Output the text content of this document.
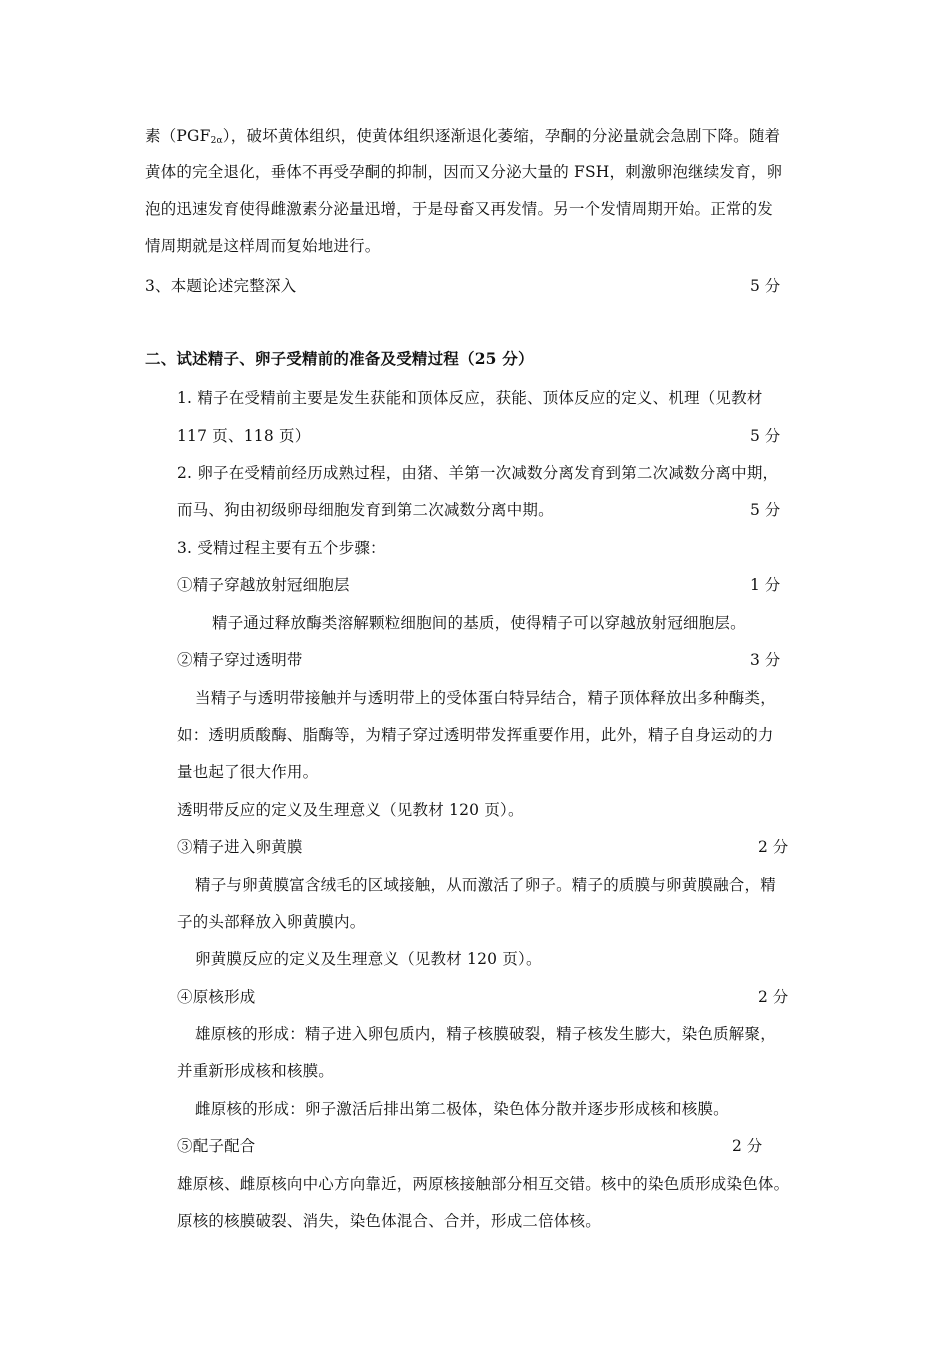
素$(PGF_{2\alpha})$，破坏黄体组织，使黄体组织逐渐退化萎缩，孕酮的分泌量就会急剧下降。随着
黄体的完全退化，垂体不再受孕酮的抑制，因而又分泌大量的 FSH，刺激卵泡继续发育，卵
泡的迅速发育使得雌激素分泌量迅增，于是母畜又再发情。另一个发情周期开始。正常的发
情周期就是这样周而复始地进行。
3、本题论述完整深入	5 分
二、试述精子、卵子受精前的准备及受精过程（25 分）
1. 精子在受精前主要是发生获能和顶体反应，获能、顶体反应的定义、机理（见教材
117 页、118 页）	5 分
2. 卵子在受精前经历成熟过程，由猪、羊第一次减数分离发育到第二次减数分离中期，
而马、狗由初级卵母细胞发育到第二次减数分离中期。	5 分
3. 受精过程主要有五个步骤：
①精子穿越放射冠细胞层	1 分
精子通过释放酶类溶解颗粒细胞间的基质，使得精子可以穿越放射冠细胞层。
②精子穿过透明带	3 分
当精子与透明带接触并与透明带上的受体蛋白特异结合，精子顶体释放出多种酶类，
如：透明质酸酶、脂酶等，为精子穿过透明带发挥重要作用，此外，精子自身运动的力
量也起了很大作用。
透明带反应的定义及生理意义（见教材 120 页）。
③精子进入卵黄膜	2 分
精子与卵黄膜富含绒毛的区域接触，从而激活了卵子。精子的质膜与卵黄膜融合，精
子的头部释放入卵黄膜内。
卵黄膜反应的定义及生理意义（见教材 120 页）。
④原核形成	2 分
雄原核的形成：精子进入卵包质内，精子核膜破裂，精子核发生膨大，染色质解聚，
并重新形成核和核膜。
雌原核的形成：卵子激活后排出第二极体，染色体分散并逐步形成核和核膜。
⑤配子配合	2 分
雄原核、雌原核向中心方向靠近，两原核接触部分相互交错。核中的染色质形成染色体。
原核的核膜破裂、消失，染色体混合、合并，形成二倍体核。
